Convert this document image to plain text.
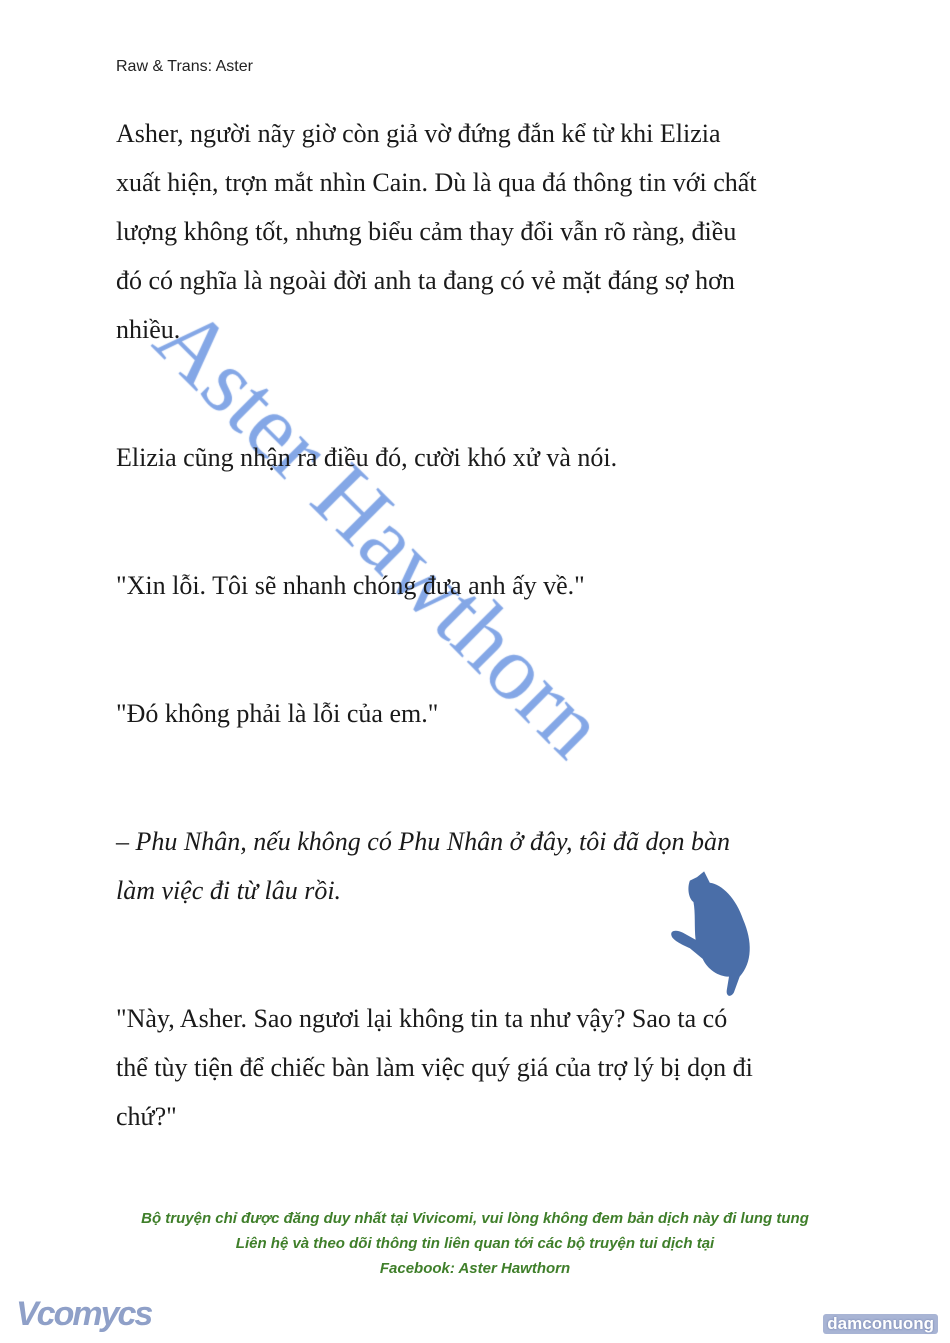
Raw & Trans: Aster
Asher, người nãy giờ còn giả vờ đứng đắn kể từ khi Elizia
xuất hiện, trợn mắt nhìn Cain. Dù là qua đá thông tin với chất
lượng không tốt, nhưng biểu cảm thay đổi vẫn rõ ràng, điều
đó có nghĩa là ngoài đời anh ta đang có vẻ mặt đáng sợ hơn
nhiều.
Elizia cũng nhận ra điều đó, cười khó xử và nói.
"Xin lỗi. Tôi sẽ nhanh chóng đưa anh ấy về."
"Đó không phải là lỗi của em."
– Phu Nhân, nếu không có Phu Nhân ở đây, tôi đã dọn bàn
làm việc đi từ lâu rồi.
"Này, Asher. Sao ngươi lại không tin ta như vậy? Sao ta có
thể tùy tiện để chiếc bàn làm việc quý giá của trợ lý bị dọn đi
chứ?"
Bộ truyện chỉ được đăng duy nhất tại Vivicomi, vui lòng không đem bản dịch này đi lung tung
Liên hệ và theo dõi thông tin liên quan tới các bộ truyện tui dịch tại
Facebook: Aster Hawthorn
Vcomycs	damconuong
